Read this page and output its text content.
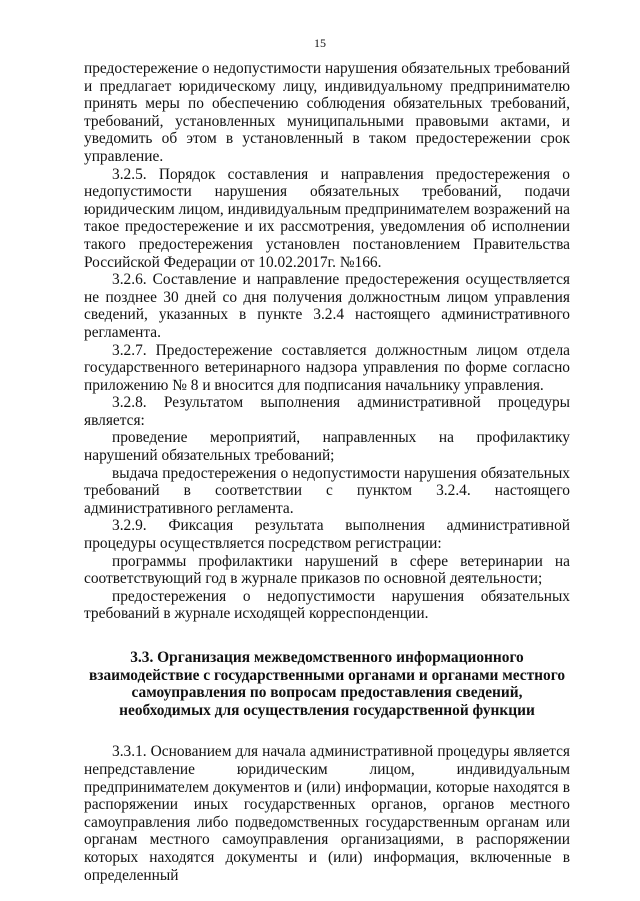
15

предостережение о недопустимости нарушения обязательных требований и предлагает юридическому лицу, индивидуальному предпринимателю принять меры по обеспечению соблюдения обязательных требований, требований, установленных муниципальными правовыми актами, и уведомить об этом в установленный в таком предостережении срок управление.

3.2.5. Порядок составления и направления предостережения о недопустимости нарушения обязательных требований, подачи юридическим лицом, индивидуальным предпринимателем возражений на такое предостережение и их рассмотрения, уведомления об исполнении такого предостережения установлен постановлением Правительства Российской Федерации от 10.02.2017г. №166.

3.2.6. Составление и направление предостережения осуществляется не позднее 30 дней со дня получения должностным лицом управления сведений, указанных в пункте 3.2.4 настоящего административного регламента.

3.2.7. Предостережение составляется должностным лицом отдела государственного ветеринарного надзора управления по форме согласно приложению № 8 и вносится для подписания начальнику управления.

3.2.8. Результатом выполнения административной процедуры является:

проведение мероприятий, направленных на профилактику нарушений обязательных требований;

выдача предостережения о недопустимости нарушения обязательных требований в соответствии с пунктом 3.2.4. настоящего административного регламента.

3.2.9. Фиксация результата выполнения административной процедуры осуществляется посредством регистрации:

программы профилактики нарушений в сфере ветеринарии на соответствующий год в журнале приказов по основной деятельности;

предостережения о недопустимости нарушения обязательных требований в журнале исходящей корреспонденции.

3.3. Организация межведомственного информационного взаимодействие с государственными органами и органами местного самоуправления по вопросам предоставления сведений, необходимых для осуществления государственной функции

3.3.1. Основанием для начала административной процедуры является непредставление юридическим лицом, индивидуальным предпринимателем документов и (или) информации, которые находятся в распоряжении иных государственных органов, органов местного самоуправления либо подведомственных государственным органам или органам местного самоуправления организациями, в распоряжении которых находятся документы и (или) информация, включенные в определенный
